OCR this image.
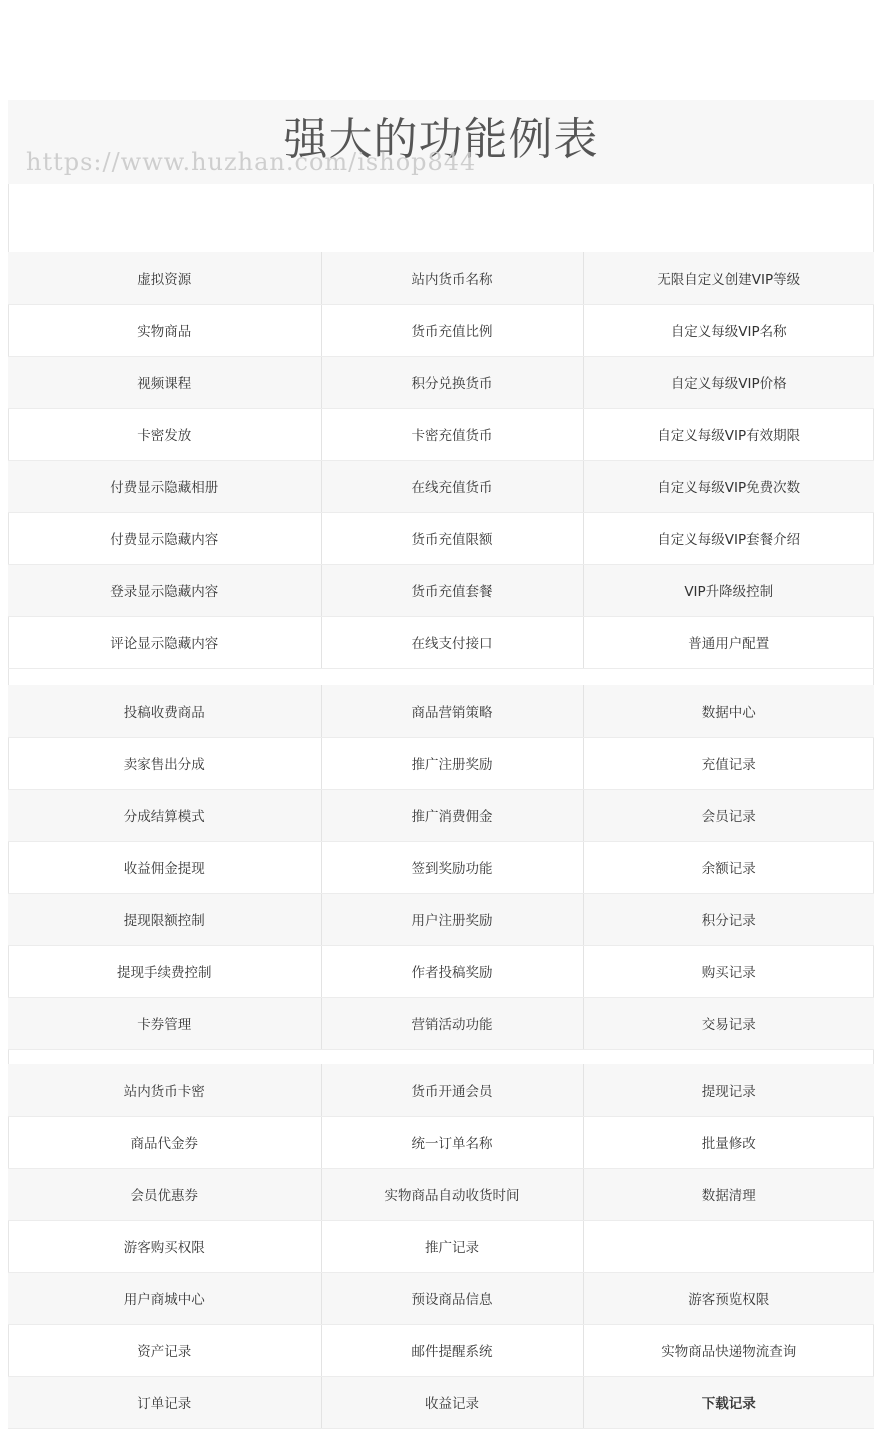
强大的功能例表
https://www.huzhan.com/ishop844
虚拟资源	站内货币名称	无限自定义创建VIP等级
实物商品	货币充值比例	自定义每级VIP名称
视频课程	积分兑换货币	自定义每级VIP价格
卡密发放	卡密充值货币	自定义每级VIP有效期限
付费显示隐藏相册	在线充值货币	自定义每级VIP免费次数
付费显示隐藏内容	货币充值限额	自定义每级VIP套餐介绍
登录显示隐藏内容	货币充值套餐	VIP升降级控制
评论显示隐藏内容	在线支付接口	普通用户配置
投稿收费商品	商品营销策略	数据中心
卖家售出分成	推广注册奖励	充值记录
分成结算模式	推广消费佣金	会员记录
收益佣金提现	签到奖励功能	余额记录
提现限额控制	用户注册奖励	积分记录
提现手续费控制	作者投稿奖励	购买记录
卡券管理	营销活动功能	交易记录
站内货币卡密	货币开通会员	提现记录
商品代金券	统一订单名称	批量修改
会员优惠券	实物商品自动收货时间	数据清理
游客购买权限	推广记录	
用户商城中心	预设商品信息	游客预览权限
资产记录	邮件提醒系统	实物商品快递物流查询
订单记录	收益记录	下载记录
